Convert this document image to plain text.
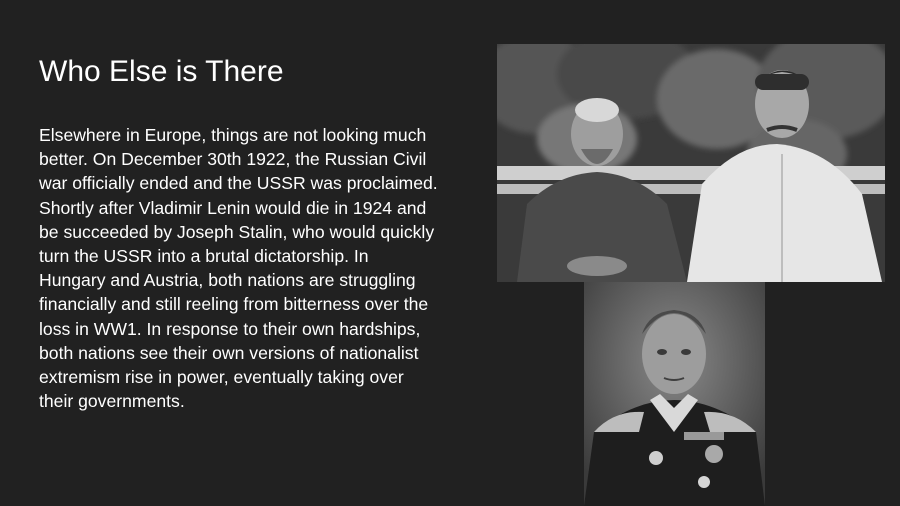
Who Else is There

Elsewhere in Europe, things are not looking much better. On December 30th 1922, the Russian Civil war officially ended and the USSR was proclaimed. Shortly after Vladimir Lenin would die in 1924 and be succeeded by Joseph Stalin, who would quickly turn the USSR into a brutal dictatorship. In Hungary and Austria, both nations are struggling financially and still reeling from bitterness over the loss in WW1. In response to their own hardships, both nations see their own versions of nationalist extremism rise in power, eventually taking over their governments.
